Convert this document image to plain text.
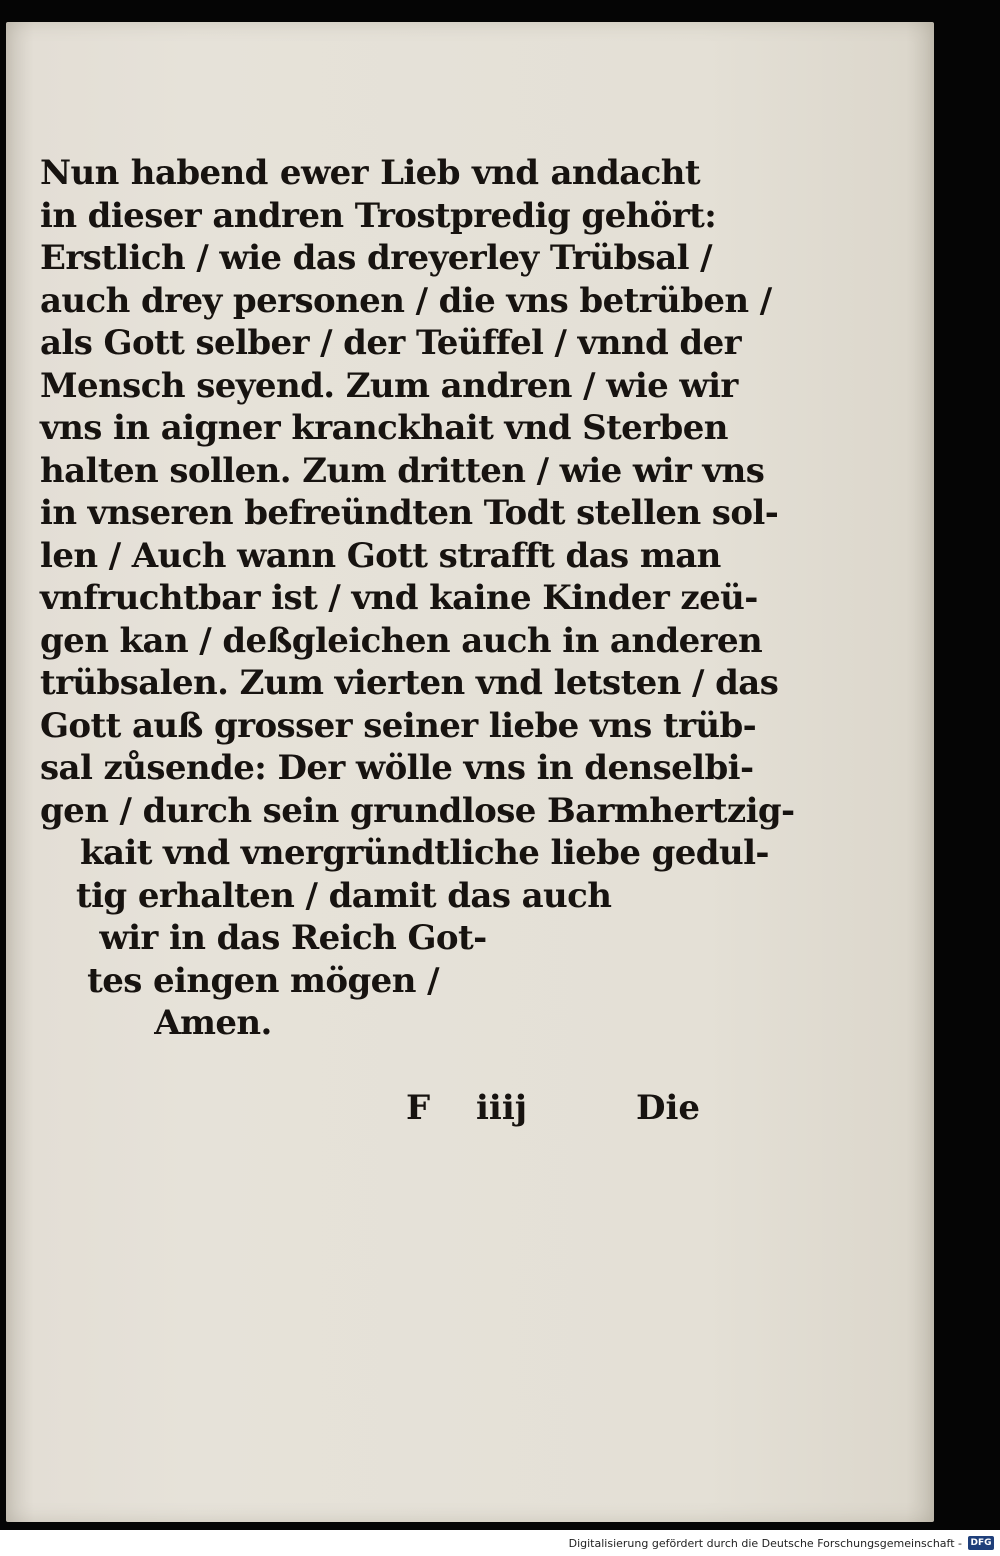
Nun habend ewer Lieb vnd andacht
in dieser andren Trostpredig gehört:
Erstlich / wie das dreyerley Trübsal /
auch drey personen / die vns betrüben /
als Gott selber / der Teüffel / vnnd der
Mensch seyend. Zum andren / wie wir
vns in aigner kranckhait vnd Sterben
halten sollen. Zum dritten / wie wir vns
in vnseren befreündten Todt stellen sol-
len / Auch wann Gott strafft das man
vnfruchtbar ist / vnd kaine Kinder zeü-
gen kan / deßgleichen auch in anderen
trübsalen. Zum vierten vnd letsten / das
Gott auß grosser seiner liebe vns trüb-
sal zůsende: Der wölle vns in denselbi-
gen / durch sein grundlose Barmhertzig-
kait vnd vnergründtliche liebe gedul-
tig erhalten / damit das auch
wir in das Reich Got-
tes eingen mögen /
Amen.
F iiij	Die
Digitalisierung gefördert durch die Deutsche Forschungsgemeinschaft - DFG
